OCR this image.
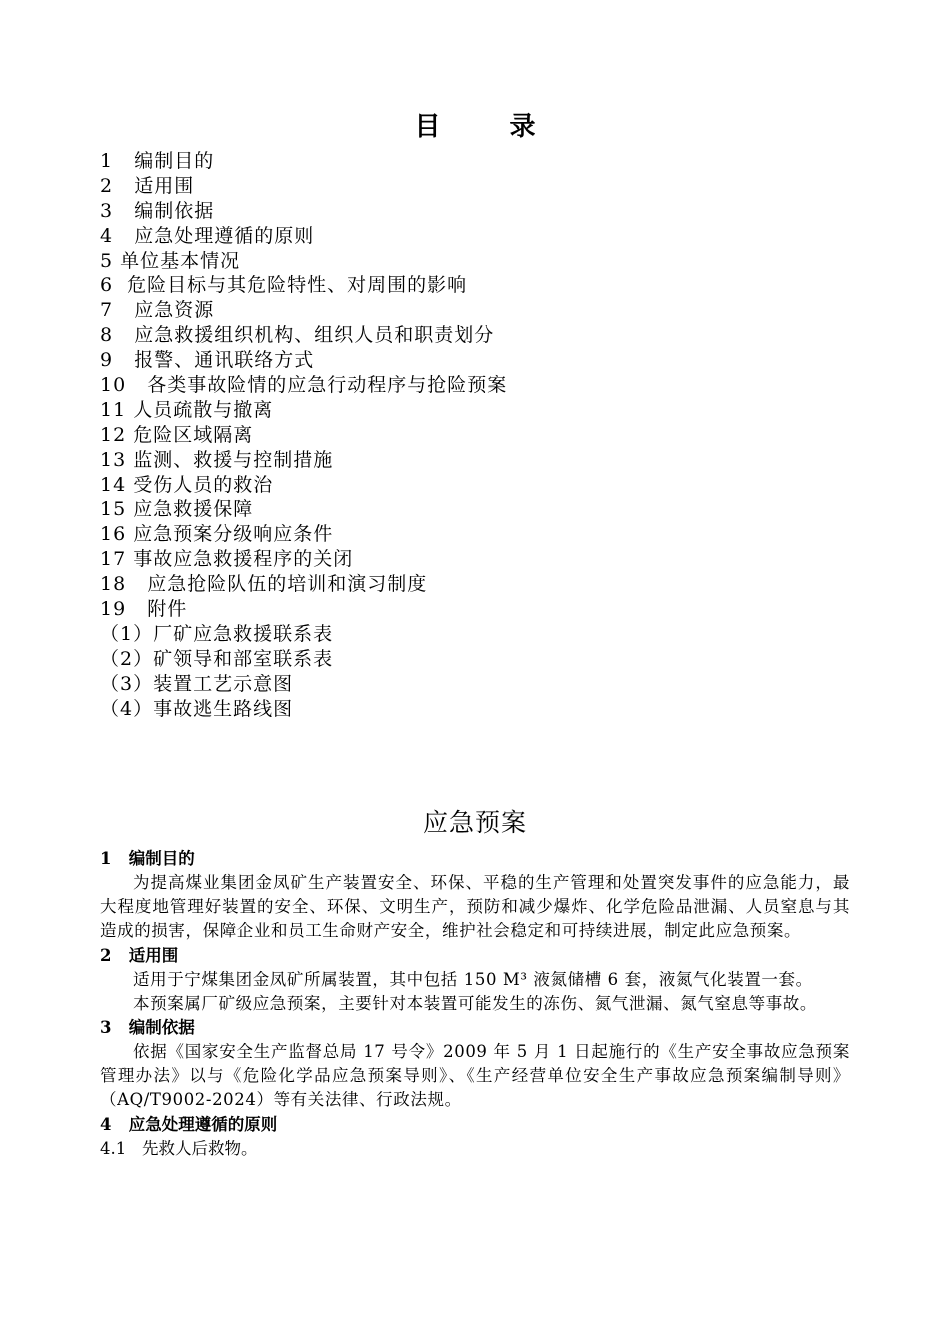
目 录
1   编制目的
2   适用围
3   编制依据
4   应急处理遵循的原则
5 单位基本情况
6  危险目标与其危险特性、对周围的影响
7   应急资源
8   应急救援组织机构、组织人员和职责划分
9   报警、通讯联络方式
10   各类事故险情的应急行动程序与抢险预案
11 人员疏散与撤离
12 危险区域隔离
13 监测、救援与控制措施
14 受伤人员的救治
15 应急救援保障
16 应急预案分级响应条件
17 事故应急救援程序的关闭
18   应急抢险队伍的培训和演习制度
19   附件
（1）厂矿应急救援联系表
（2）矿领导和部室联系表
（3）装置工艺示意图
（4）事故逃生路线图
应急预案
1   编制目的
为提高煤业集团金凤矿生产装置安全、环保、平稳的生产管理和处置突发事件的应急能力，最大程度地管理好装置的安全、环保、文明生产，预防和减少爆炸、化学危险品泄漏、人员窒息与其造成的损害，保障企业和员工生命财产安全，维护社会稳定和可持续进展，制定此应急预案。
2   适用围
适用于宁煤集团金凤矿所属装置，其中包括 150 M³ 液氮储槽 6 套，液氮气化装置一套。
本预案属厂矿级应急预案，主要针对本装置可能发生的冻伤、氮气泄漏、氮气窒息等事故。
3   编制依据
依据《国家安全生产监督总局 17 号令》2009 年 5 月 1 日起施行的《生产安全事故应急预案管理办法》以与《危险化学品应急预案导则》、《生产经营单位安全生产事故应急预案编制导则》（AQ/T9002-2024）等有关法律、行政法规。
4   应急处理遵循的原则
4.1   先救人后救物。
